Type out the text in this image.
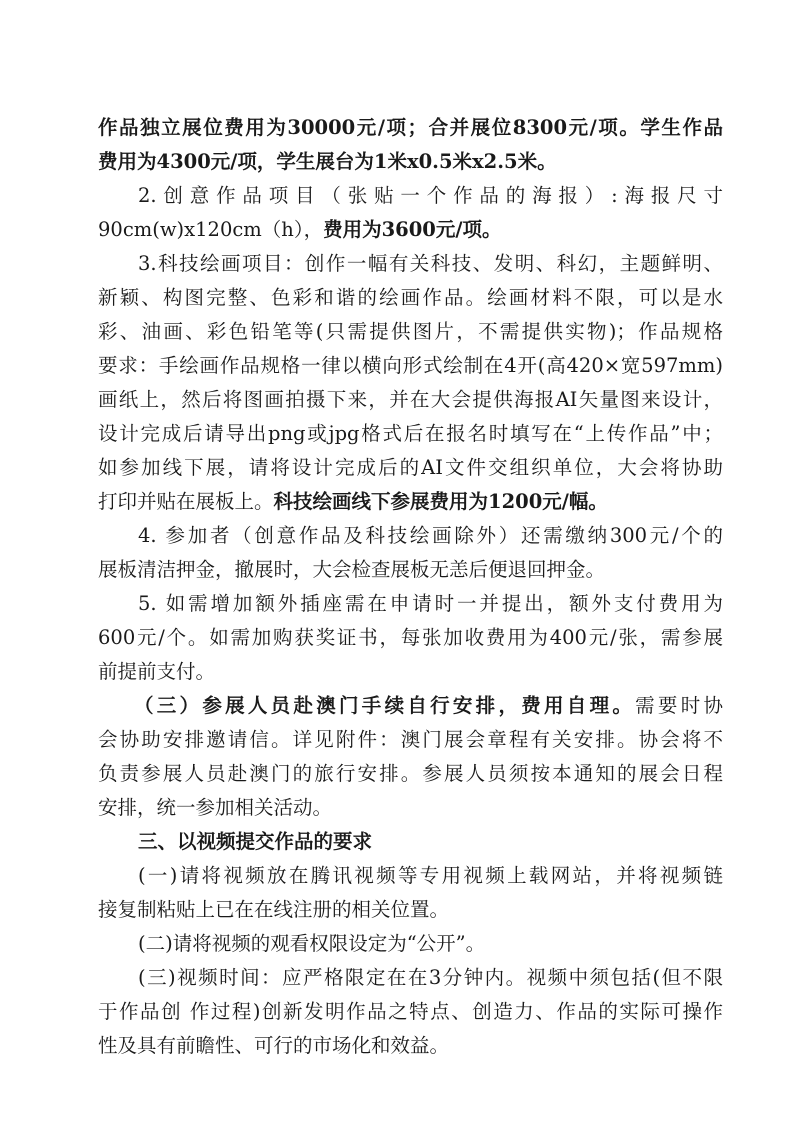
作品独立展位费用为30000元/项；合并展位8300元/项。学生作品
费用为4300元/项，学生展台为1米x0.5米x2.5米。
2.创意作品项目（张贴一个作品的海报）:海报尺寸
90cm(w)x120cm（h），费用为3600元/项。
3.科技绘画项目：创作一幅有关科技、发明、科幻，主题鲜明、
新颖、构图完整、色彩和谐的绘画作品。绘画材料不限，可以是水
彩、油画、彩色铅笔等(只需提供图片，不需提供实物)；作品规格
要求：手绘画作品规格一律以横向形式绘制在4开(高420×宽597mm)
画纸上，然后将图画拍摄下来，并在大会提供海报AI矢量图来设计，
设计完成后请导出png或jpg格式后在报名时填写在“上传作品”中；
如参加线下展，请将设计完成后的AI文件交组织单位，大会将协助
打印并贴在展板上。科技绘画线下参展费用为1200元/幅。
4. 参加者（创意作品及科技绘画除外）还需缴纳300元/个的
展板清洁押金，撤展时，大会检查展板无恙后便退回押金。
5. 如需增加额外插座需在申请时一并提出，额外支付费用为
600元/个。如需加购获奖证书，每张加收费用为400元/张，需参展
前提前支付。
（三）参展人员赴澳门手续自行安排，费用自理。需要时协
会协助安排邀请信。详见附件：澳门展会章程有关安排。协会将不
负责参展人员赴澳门的旅行安排。参展人员须按本通知的展会日程
安排，统一参加相关活动。
三、以视频提交作品的要求
(一)请将视频放在腾讯视频等专用视频上载网站，并将视频链
接复制粘贴上已在在线注册的相关位置。
(二)请将视频的观看权限设定为“公开”。
(三)视频时间：应严格限定在在3分钟内。视频中须包括(但不限
于作品创 作过程)创新发明作品之特点、创造力、作品的实际可操作
性及具有前瞻性、可行的市场化和效益。
